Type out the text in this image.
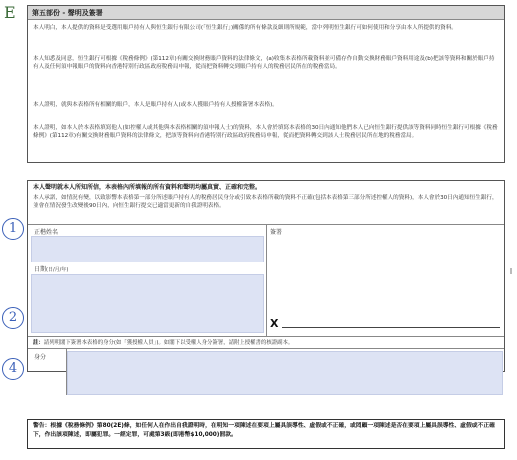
E	第五部份 - 聲明及簽署
本人明白，本人提供的資料是受選用賬戶持有人與恒生銀行有限公司(「恒生銀行」)關係的所有條款及細則所規範，當中列明恒生銀行可如何使用和分享由本人所提供的資料。
本人知悉及同意，恒生銀行可根據《稅務條例》(第112章)有關交換財務賬戶資料的法律條文，(a)收集本表格所載資料並可備存作自動交換財務賬戶資料用途及(b)把該等資料和關於賬戶持有人及任何須申報賬戶的資料向香港特別行政區政府稅務局申報，從而把資料轉交到賬戶持有人的稅務居民所在的稅務當局。
本人證明，就與本表格所有相關的賬戶，本人是賬戶持有人(或本人獲賬戶持有人授權簽署本表格)。
本人證明，如本人於本表格填寫他人(如控權人或其他與本表格相關的須申報人士)的資料，本人會於填寫本表格的30日內通知他們本人已向恒生銀行提供該等資料同時恒生銀行可根據《稅務條例》(第112章)有關交換財務賬戶資料的法律條文，把該等資料向香港特別行政區政府稅務局申報，從而把資料轉交到該人士稅務居民所在地的稅務當局。
本人聲明就本人所知所信，本表格內所填報的所有資料和聲明均屬真實、正確和完整。
本人承諾，如情況有變，以致影響本表格第一部分所述賬戶持有人的稅務居民身分或引致本表格所載的資料不正確(包括本表格第三部分所述控權人的資料)，本人會於30日內通知恒生銀行，並會在情況發生改變後90日內，向恒生銀行提交已適當更新的自我證明表格。
正楷姓名	簽署
日期(日/月/年)
X
註：請列明閣下簽署本表格的身分(如「獲授權人員」)。如閣下以受權人身分簽署，請附上授權書的核證副本。
身分
1
2
4
警告：根據《稅務條例》第80(2E)條，如任何人在作出自我證明時，在明知一項陳述在要項上屬具誤導性、虛假或不正確，或罔顧一項陳述是否在要項上屬具誤導性、虛假或不正確下，作出該項陳述，即屬犯罪。一經定罪，可處第3級(即港幣$10,000)罰款。
